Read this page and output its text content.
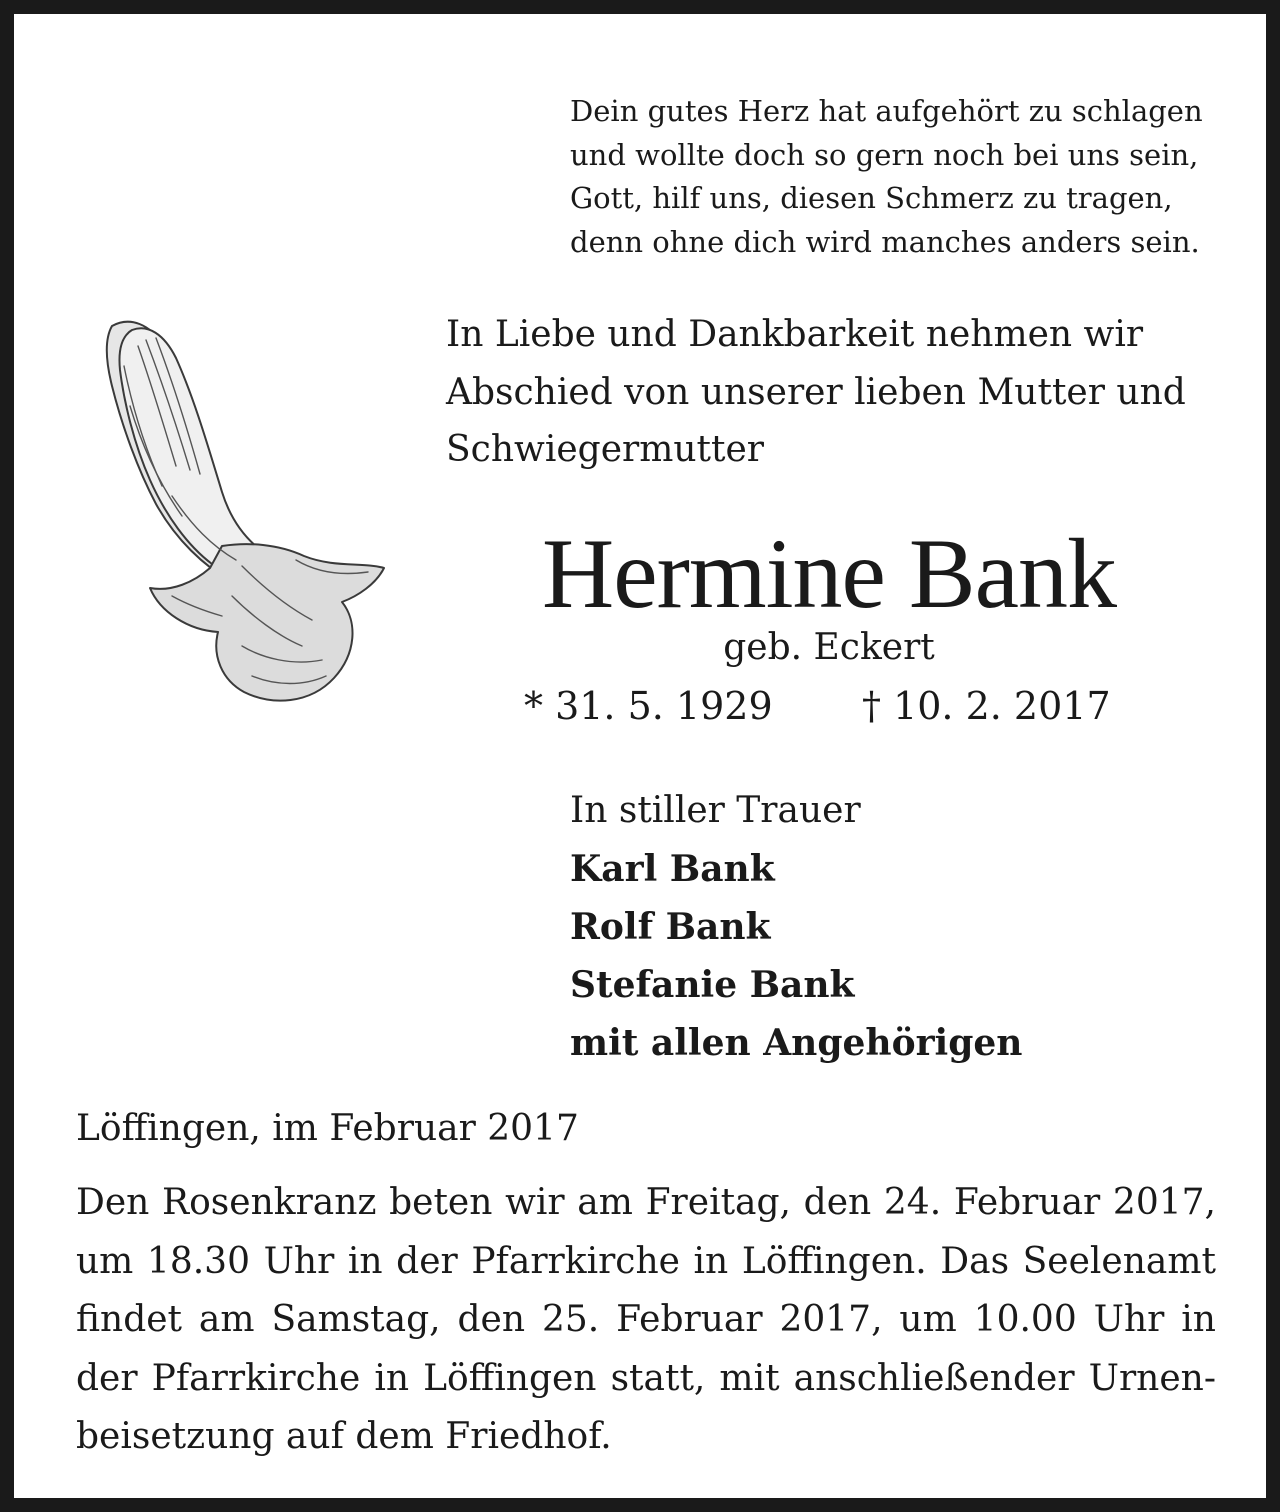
Dein gutes Herz hat aufgehört zu schlagen
und wollte doch so gern noch bei uns sein,
Gott, hilf uns, diesen Schmerz zu tragen,
denn ohne dich wird manches anders sein.
In Liebe und Dankbarkeit nehmen wir
Abschied von unserer lieben Mutter und
Schwiegermutter
Hermine Bank
geb. Eckert
* 31. 5. 1929 † 10. 2. 2017
In stiller Trauer
Karl Bank
Rolf Bank
Stefanie Bank
mit allen Angehörigen
Löffingen, im Februar 2017
Den Rosenkranz beten wir am Freitag, den 24. Februar 2017,
um 18.30 Uhr in der Pfarrkirche in Löffingen. Das Seelenamt
findet am Samstag, den 25. Februar 2017, um 10.00 Uhr in
der Pfarrkirche in Löffingen statt, mit anschließender Urnen-
beisetzung auf dem Friedhof.
